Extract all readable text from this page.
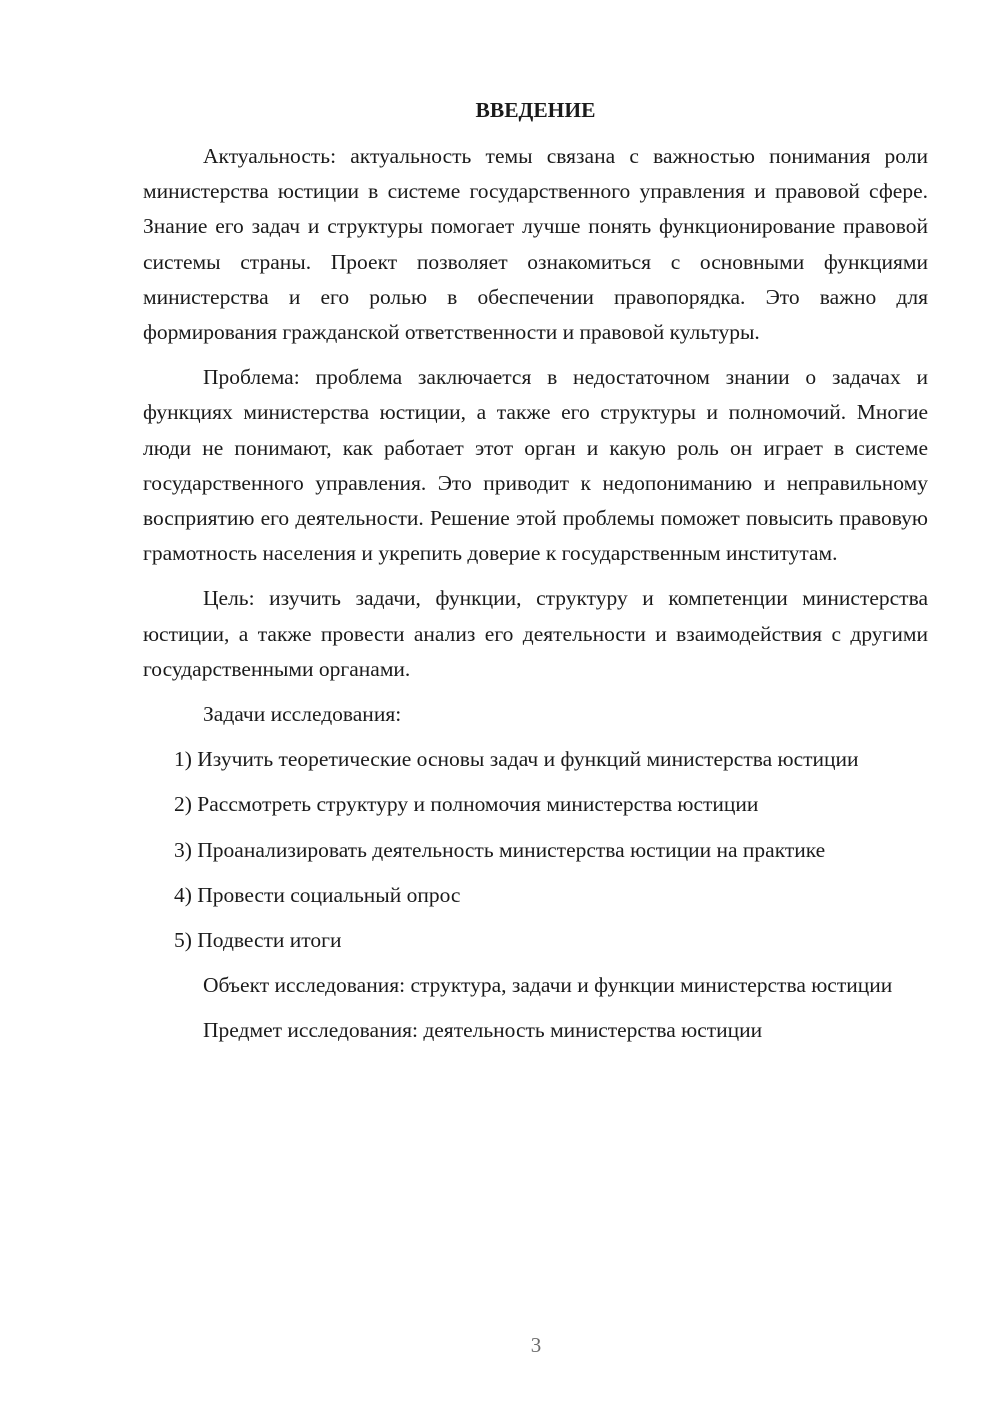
ВВЕДЕНИЕ

Актуальность: актуальность темы связана с важностью понимания роли министерства юстиции в системе государственного управления и правовой сфере. Знание его задач и структуры помогает лучше понять функционирование правовой системы страны. Проект позволяет ознакомиться с основными функциями министерства и его ролью в обеспечении правопорядка. Это важно для формирования гражданской ответственности и правовой культуры.

Проблема: проблема заключается в недостаточном знании о задачах и функциях министерства юстиции, а также его структуры и полномочий. Многие люди не понимают, как работает этот орган и какую роль он играет в системе государственного управления. Это приводит к недопониманию и неправильному восприятию его деятельности. Решение этой проблемы поможет повысить правовую грамотность населения и укрепить доверие к государственным институтам.

Цель: изучить задачи, функции, структуру и компетенции министерства юстиции, а также провести анализ его деятельности и взаимодействия с другими государственными органами.

Задачи исследования:

1) Изучить теоретические основы задач и функций министерства юстиции

2) Рассмотреть структуру и полномочия министерства юстиции

3) Проанализировать деятельность министерства юстиции на практике

4) Провести социальный опрос

5) Подвести итоги

Объект исследования: структура, задачи и функции министерства юстиции

Предмет исследования: деятельность министерства юстиции

3
